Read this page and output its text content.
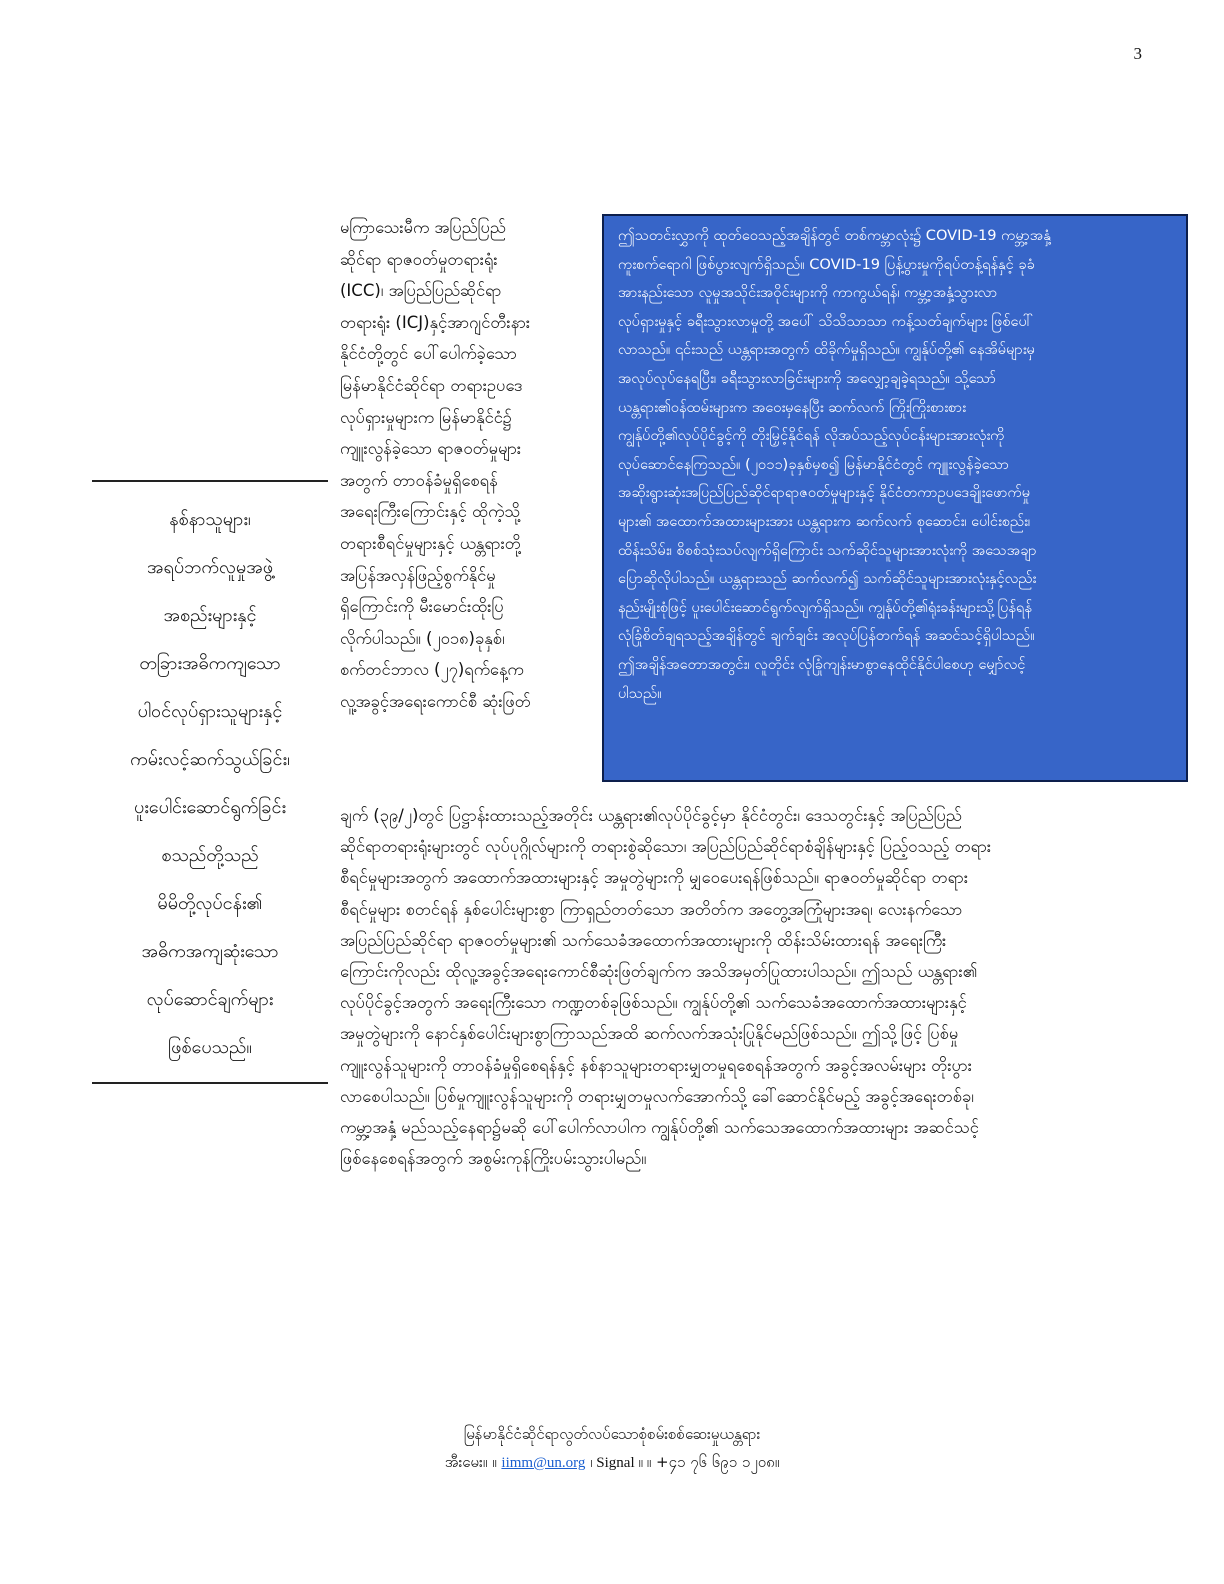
3
နစ်နာသူများ၊
အရပ်ဘက်လူမှုအဖွဲ့
အစည်းများနှင့်
တခြားအဓိကကျသော
ပါဝင်လုပ်ရှားသူများနှင့်
ကမ်းလင့်ဆက်သွယ်ခြင်း၊
ပူးပေါင်းဆောင်ရွက်ခြင်း
စသည်တို့သည်
မိမိတို့လုပ်ငန်း၏
အဓိကအကျဆုံးသော
လုပ်ဆောင်ချက်များ
ဖြစ်ပေသည်။
မကြာသေးမီက အပြည်ပြည်
ဆိုင်ရာ ရာဇဝတ်မှုတရားရုံး
(ICC)၊ အပြည်ပြည်ဆိုင်ရာ
တရားရုံး (ICJ)နှင့်အာဂျင်တီးနား
နိုင်ငံတို့တွင် ပေါ်ပေါက်ခဲ့သော
မြန်မာနိုင်ငံဆိုင်ရာ တရားဥပဒေ
လုပ်ရှားမှုများက မြန်မာနိုင်ငံ၌
ကျူးလွန်ခဲ့သော ရာဇဝတ်မှုများ
အတွက် တာဝန်ခံမှုရှိစေရန်
အရေးကြီးကြောင်းနှင့် ထိုကဲ့သို့
တရားစီရင်မှုများနှင့် ယန္တရားတို့
အပြန်အလှန်ဖြည့်စွက်နိုင်မှု
ရှိကြောင်းကို မီးမောင်းထိုးပြ
လိုက်ပါသည်။ (၂၀၁၈)ခုနှစ်၊
စက်တင်ဘာလ (၂၇)ရက်နေ့က
လူ့အခွင့်အရေးကောင်စီ ဆုံးဖြတ်
ဤသတင်းလွှာကို ထုတ်ဝေသည့်အချိန်တွင် တစ်ကမ္ဘာလုံး၌ COVID-19 ကမ္ဘာ့အနှံ့
ကူးစက်ရောဂါ ဖြစ်ပွားလျက်ရှိသည်။ COVID-19 ပြန့်ပွားမှုကိုရပ်တန့်ရန်နှင့် ခုခံ
အားနည်းသော လူမှုအသိုင်းအဝိုင်းများကို ကာကွယ်ရန်၊ ကမ္ဘာ့အနှံ့သွားလာ
လုပ်ရှားမှုနှင့် ခရီးသွားလာမှုတို့ အပေါ် သိသိသာသာ ကန့်သတ်ချက်များ ဖြစ်ပေါ်
လာသည်။ ၎င်းသည် ယန္တရားအတွက် ထိခိုက်မှုရှိသည်။ ကျွန်ုပ်တို့၏ နေအိမ်များမှ
အလုပ်လုပ်နေရပြီး၊ ခရီးသွားလာခြင်းများကို အလျှော့ချခဲ့ရသည်။ သို့သော်
ယန္တရား၏ဝန်ထမ်းများက အဝေးမှနေပြီး ဆက်လက် ကြိုးကြိုးစားစား
ကျွန်ုပ်တို့၏လုပ်ပိုင်ခွင့်ကို တိုးမြှင့်နိုင်ရန် လိုအပ်သည့်လုပ်ငန်းများအားလုံးကို
လုပ်ဆောင်နေကြသည်။ (၂၀၁၁)ခုနှစ်မှစ၍ မြန်မာနိုင်ငံတွင် ကျူးလွန်ခဲ့သော
အဆိုးရွားဆုံးအပြည်ပြည်ဆိုင်ရာရာဇဝတ်မှုများနှင့် နိုင်ငံတကာဥပဒေချိုးဖောက်မှု
များ၏ အထောက်အထားများအား ယန္တရားက ဆက်လက် စုဆောင်း၊ ပေါင်းစည်း၊
ထိန်းသိမ်း၊ စိစစ်သုံးသပ်လျက်ရှိကြောင်း သက်ဆိုင်သူများအားလုံးကို အသေအချာ
ပြောဆိုလိုပါသည်။ ယန္တရားသည် ဆက်လက်၍ သက်ဆိုင်သူများအားလုံးနှင့်လည်း
နည်းမျိုးစုံဖြင့် ပူးပေါင်းဆောင်ရွက်လျက်ရှိသည်။ ကျွန်ုပ်တို့၏ရုံးခန်းများသို့ပြန်ရန်
လုံခြုံစိတ်ချရသည့်အချိန်တွင် ချက်ချင်း အလုပ်ပြန်တက်ရန် အဆင်သင့်ရှိပါသည်။
ဤအချိန်အတောအတွင်း၊ လူတိုင်း လုံခြုံကျန်းမာစွာနေထိုင်နိုင်ပါစေဟု မျှော်လင့်
ပါသည်။
ချက် (၃၉/၂)တွင် ပြဋ္ဌာန်းထားသည့်အတိုင်း ယန္တရား၏လုပ်ပိုင်ခွင့်မှာ နိုင်ငံတွင်း၊ ဒေသတွင်းနှင့် အပြည်ပြည်
ဆိုင်ရာတရားရုံးများတွင် လုပ်ပုဂ္ဂိုလ်များကို တရားစွဲဆိုသော၊ အပြည်ပြည်ဆိုင်ရာစံချိန်များနှင့် ပြည့်ဝသည့် တရား
စီရင်မှုများအတွက် အထောက်အထားများနှင့် အမှုတွဲများကို မျှဝေပေးရန်ဖြစ်သည်။ ရာဇဝတ်မှုဆိုင်ရာ တရား
စီရင်မှုများ စတင်ရန် နှစ်ပေါင်းများစွာ ကြာရှည်တတ်သော အတိတ်က အတွေ့အကြုံများအရ၊ လေးနက်သော
အပြည်ပြည်ဆိုင်ရာ ရာဇဝတ်မှုများ၏ သက်သေခံအထောက်အထားများကို ထိန်းသိမ်းထားရန် အရေးကြီး
ကြောင်းကိုလည်း ထိုလူ့အခွင့်အရေးကောင်စီဆုံးဖြတ်ချက်က အသိအမှတ်ပြုထားပါသည်။ ဤသည် ယန္တရား၏
လုပ်ပိုင်ခွင့်အတွက် အရေးကြီးသော ကဏ္ဍတစ်ခုဖြစ်သည်။ ကျွန်ုပ်တို့၏ သက်သေခံအထောက်အထားများနှင့်
အမှုတွဲများကို နောင်နှစ်ပေါင်းများစွာကြာသည်အထိ ဆက်လက်အသုံးပြုနိုင်မည်ဖြစ်သည်။ ဤသို့ဖြင့် ပြစ်မှု
ကျူးလွန်သူများကို တာဝန်ခံမှုရှိစေရန်နှင့် နစ်နာသူများတရားမျှတမှုရစေရန်အတွက် အခွင့်အလမ်းများ တိုးပွား
လာစေပါသည်။ ပြစ်မှုကျူးလွန်သူများကို တရားမျှတမှုလက်အောက်သို့ ခေါ်ဆောင်နိုင်မည့် အခွင့်အရေးတစ်ခု၊
ကမ္ဘာ့အနှံ့ မည်သည့်နေရာ၌မဆို ပေါ်ပေါက်လာပါက ကျွန်ုပ်တို့၏ သက်သေအထောက်အထားများ အဆင်သင့်
ဖြစ်နေစေရန်အတွက် အစွမ်းကုန်ကြိုးပမ်းသွားပါမည်။
မြန်မာနိုင်ငံဆိုင်ရာလွတ်လပ်သောစုံစမ်းစစ်ဆေးမှုယန္တရား
အီးမေး။ ။ iimm@un.org ၊ Signal ။ ။ +၄၁ ၇၆ ၆၉၁ ၁၂၀၈။
